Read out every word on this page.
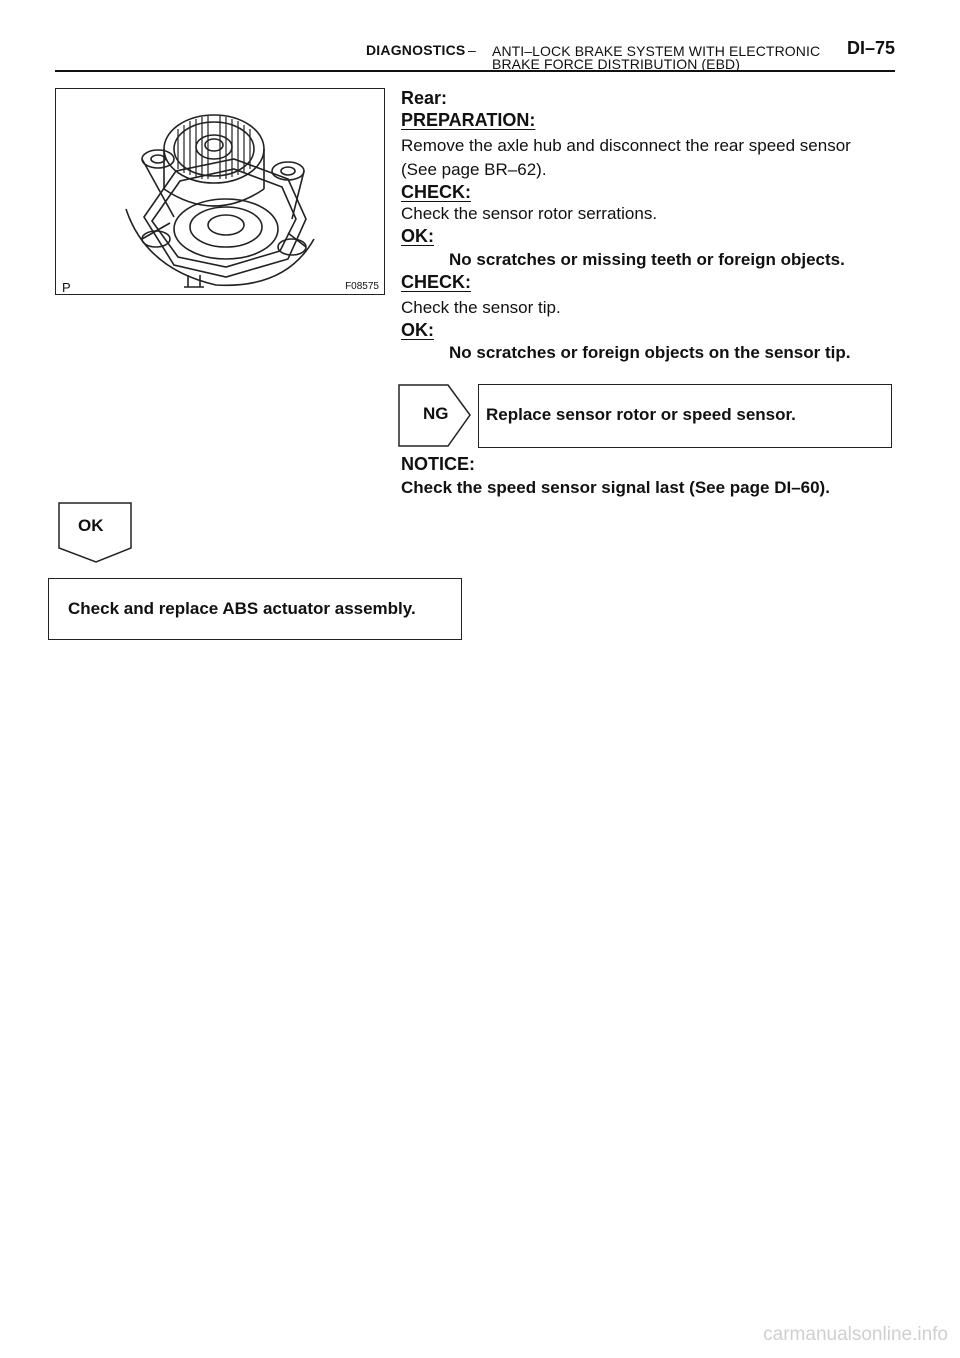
DIAGNOSTICS – ANTI–LOCK BRAKE SYSTEM WITH ELECTRONIC
BRAKE FORCE DISTRIBUTION (EBD)
DI–75
P	F08575
Rear:
PREPARATION:
Remove the axle hub and disconnect the rear speed sensor
(See page BR–62).
CHECK:
Check the sensor rotor serrations.
OK:
No scratches or missing teeth or foreign objects.
CHECK:
Check the sensor tip.
OK:
No scratches or foreign objects on the sensor tip.
NG Replace sensor rotor or speed sensor.
NOTICE:
Check the speed sensor signal last (See page DI–60).
OK
Check and replace ABS actuator assembly.
carmanualsonline.info
